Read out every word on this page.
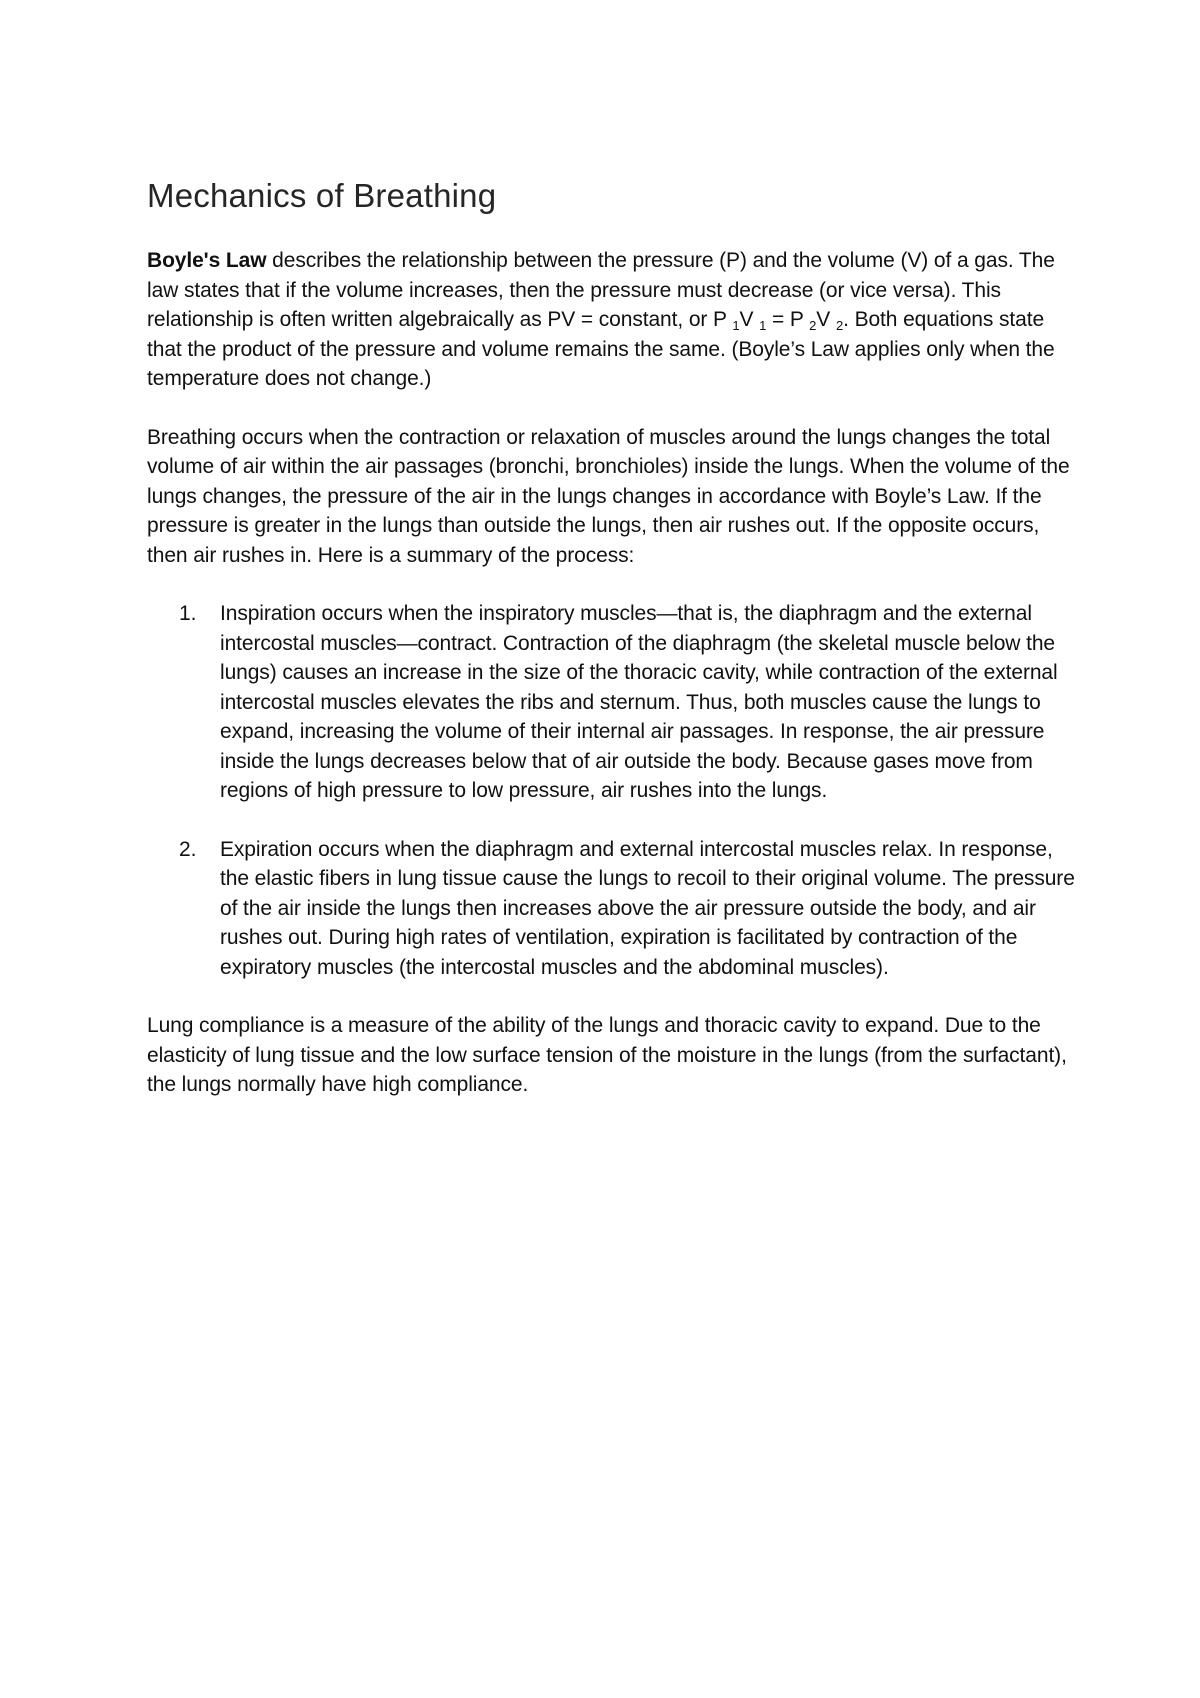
Mechanics of Breathing

Boyle's Law describes the relationship between the pressure (P) and the volume (V) of a gas. The law states that if the volume increases, then the pressure must decrease (or vice versa). This relationship is often written algebraically as PV = constant, or P $_1$V $_1$ = P $_2$V $_2$. Both equations state that the product of the pressure and volume remains the same. (Boyle’s Law applies only when the temperature does not change.)

Breathing occurs when the contraction or relaxation of muscles around the lungs changes the total volume of air within the air passages (bronchi, bronchioles) inside the lungs. When the volume of the lungs changes, the pressure of the air in the lungs changes in accordance with Boyle’s Law. If the pressure is greater in the lungs than outside the lungs, then air rushes out. If the opposite occurs, then air rushes in. Here is a summary of the process:

1. Inspiration occurs when the inspiratory muscles—that is, the diaphragm and the external intercostal muscles—contract. Contraction of the diaphragm (the skeletal muscle below the lungs) causes an increase in the size of the thoracic cavity, while contraction of the external intercostal muscles elevates the ribs and sternum. Thus, both muscles cause the lungs to expand, increasing the volume of their internal air passages. In response, the air pressure inside the lungs decreases below that of air outside the body. Because gases move from regions of high pressure to low pressure, air rushes into the lungs.
2. Expiration occurs when the diaphragm and external intercostal muscles relax. In response, the elastic fibers in lung tissue cause the lungs to recoil to their original volume. The pressure of the air inside the lungs then increases above the air pressure outside the body, and air rushes out. During high rates of ventilation, expiration is facilitated by contraction of the expiratory muscles (the intercostal muscles and the abdominal muscles).

Lung compliance is a measure of the ability of the lungs and thoracic cavity to expand. Due to the elasticity of lung tissue and the low surface tension of the moisture in the lungs (from the surfactant), the lungs normally have high compliance.
